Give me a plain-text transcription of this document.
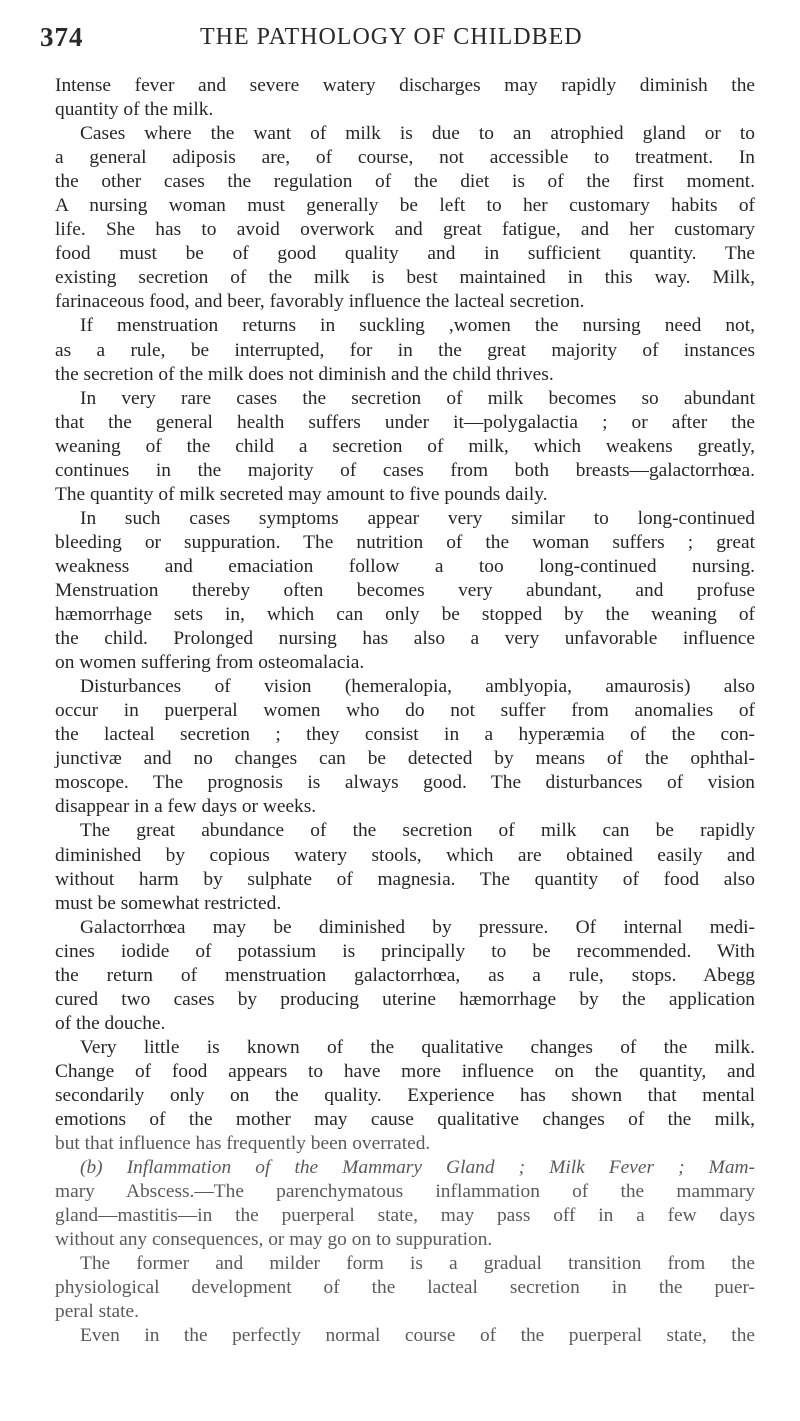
374	THE PATHOLOGY OF CHILDBED
Intense fever and severe watery discharges may rapidly diminish the
quantity of the milk.
Cases where the want of milk is due to an atrophied gland or to
a general adiposis are, of course, not accessible to treatment. In
the other cases the regulation of the diet is of the first moment.
A nursing woman must generally be left to her customary habits of
life. She has to avoid overwork and great fatigue, and her customary
food must be of good quality and in sufficient quantity. The
existing secretion of the milk is best maintained in this way. Milk,
farinaceous food, and beer, favorably influence the lacteal secretion.
If menstruation returns in suckling ,women the nursing need not,
as a rule, be interrupted, for in the great majority of instances
the secretion of the milk does not diminish and the child thrives.
In very rare cases the secretion of milk becomes so abundant
that the general health suffers under it—polygalactia ; or after the
weaning of the child a secretion of milk, which weakens greatly,
continues in the majority of cases from both breasts—galactorrhœa.
The quantity of milk secreted may amount to five pounds daily.
In such cases symptoms appear very similar to long-continued
bleeding or suppuration. The nutrition of the woman suffers ; great
weakness and emaciation follow a too long-continued nursing.
Menstruation thereby often becomes very abundant, and profuse
hæmorrhage sets in, which can only be stopped by the weaning of
the child. Prolonged nursing has also a very unfavorable influence
on women suffering from osteomalacia.
Disturbances of vision (hemeralopia, amblyopia, amaurosis) also
occur in puerperal women who do not suffer from anomalies of
the lacteal secretion ; they consist in a hyperæmia of the con-
junctivæ and no changes can be detected by means of the ophthal-
moscope. The prognosis is always good. The disturbances of vision
disappear in a few days or weeks.
The great abundance of the secretion of milk can be rapidly
diminished by copious watery stools, which are obtained easily and
without harm by sulphate of magnesia. The quantity of food also
must be somewhat restricted.
Galactorrhœa may be diminished by pressure. Of internal medi-
cines iodide of potassium is principally to be recommended. With
the return of menstruation galactorrhœa, as a rule, stops. Abegg
cured two cases by producing uterine hæmorrhage by the application
of the douche.
Very little is known of the qualitative changes of the milk.
Change of food appears to have more influence on the quantity, and
secondarily only on the quality. Experience has shown that mental
emotions of the mother may cause qualitative changes of the milk,
but that influence has frequently been overrated.
(b) Inflammation of the Mammary Gland ; Milk Fever ; Mam-
mary Abscess.—The parenchymatous inflammation of the mammary
gland—mastitis—in the puerperal state, may pass off in a few days
without any consequences, or may go on to suppuration.
The former and milder form is a gradual transition from the
physiological development of the lacteal secretion in the puer-
peral state.
Even in the perfectly normal course of the puerperal state, the
